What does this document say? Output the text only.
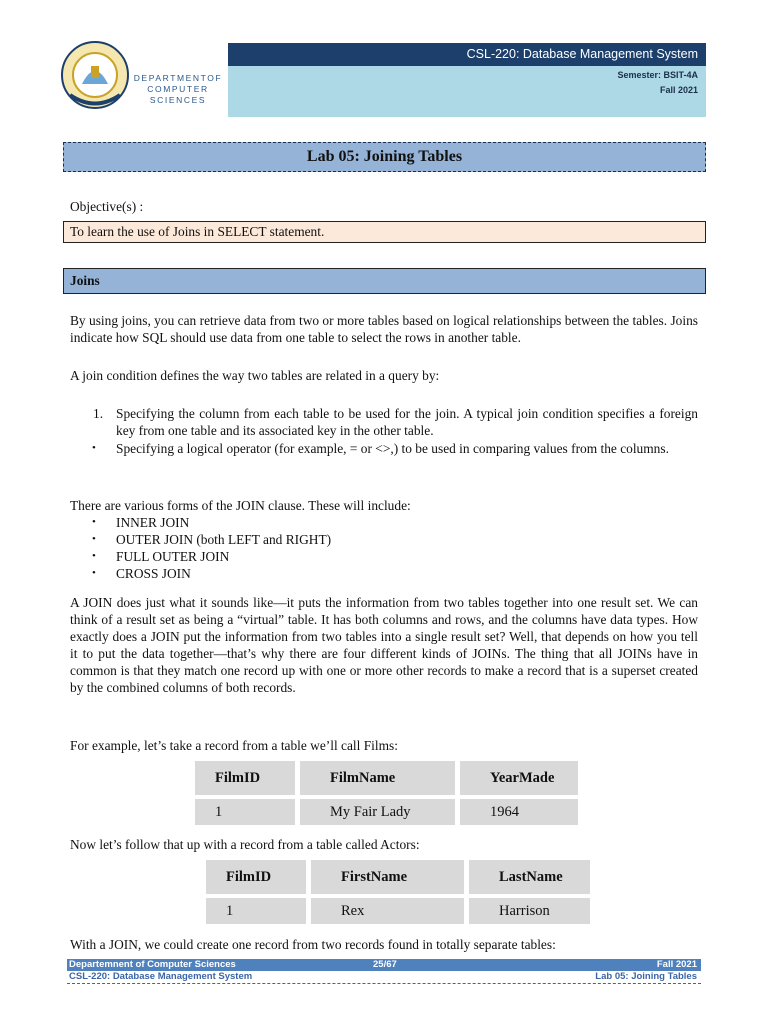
DEPARTMENTOF
COMPUTER
SCIENCES
CSL-220: Database Management System
Semester: BSIT-4A
Fall 2021
Lab 05: Joining Tables
Objective(s) :
To learn the use of Joins in SELECT statement.
Joins
By using joins, you can retrieve data from two or more tables based on logical relationships between the tables. Joins indicate how SQL should use data from one table to select the rows in another table.
A join condition defines the way two tables are related in a query by:
1. Specifying the column from each table to be used for the join. A typical join condition specifies a foreign key from one table and its associated key in the other table.
• Specifying a logical operator (for example, = or <>,) to be used in comparing values from the columns.
There are various forms of the JOIN clause. These will include:
• INNER JOIN
• OUTER JOIN (both LEFT and RIGHT)
• FULL OUTER JOIN
• CROSS JOIN
A JOIN does just what it sounds like—it puts the information from two tables together into one result set. We can think of a result set as being a “virtual” table. It has both columns and rows, and the columns have data types. How exactly does a JOIN put the information from two tables into a single result set? Well, that depends on how you tell it to put the data together—that’s why there are four different kinds of JOINs. The thing that all JOINs have in common is that they match one record up with one or more other records to make a record that is a superset created by the combined columns of both records.
For example, let’s take a record from a table we’ll call Films:
FilmID	FilmName	YearMade
1	My Fair Lady	1964
Now let’s follow that up with a record from a table called Actors:
FilmID	FirstName	LastName
1	Rex	Harrison
With a JOIN, we could create one record from two records found in totally separate tables:
Departemnent of Computer Sciences	25/67	Fall 2021
CSL-220: Database Management System	Lab 05: Joining Tables
